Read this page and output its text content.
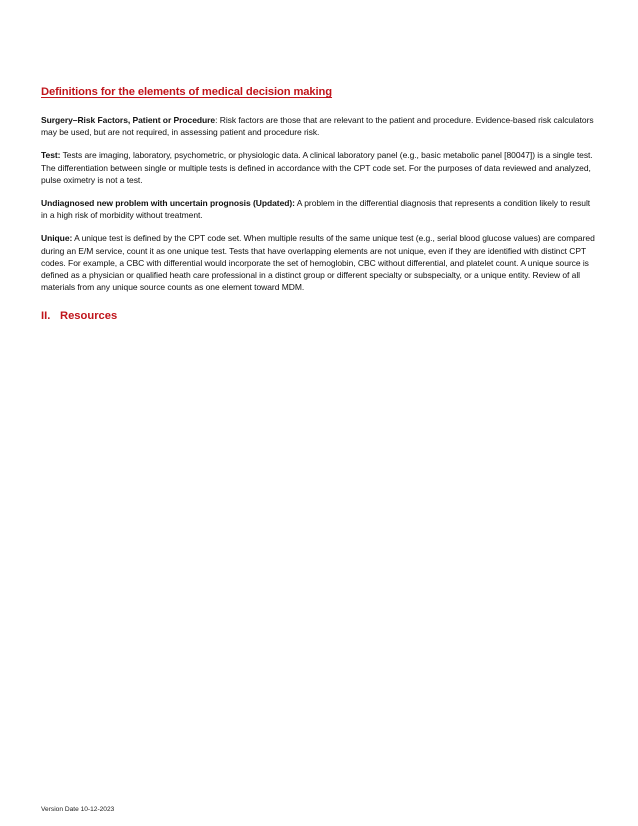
Definitions for the elements of medical decision making

Surgery–Risk Factors, Patient or Procedure: Risk factors are those that are relevant to the patient and procedure. Evidence-based risk calculators may be used, but are not required, in assessing patient and procedure risk.

Test: Tests are imaging, laboratory, psychometric, or physiologic data. A clinical laboratory panel (e.g., basic metabolic panel [80047]) is a single test. The differentiation between single or multiple tests is defined in accordance with the CPT code set. For the purposes of data reviewed and analyzed, pulse oximetry is not a test.

Undiagnosed new problem with uncertain prognosis (Updated): A problem in the differential diagnosis that represents a condition likely to result in a high risk of morbidity without treatment.

Unique: A unique test is defined by the CPT code set. When multiple results of the same unique test (e.g., serial blood glucose values) are compared during an E/M service, count it as one unique test. Tests that have overlapping elements are not unique, even if they are identified with distinct CPT codes. For example, a CBC with differential would incorporate the set of hemoglobin, CBC without differential, and platelet count. A unique source is defined as a physician or qualified heath care professional in a distinct group or different specialty or subspecialty, or a unique entity. Review of all materials from any unique source counts as one element toward MDM.

II. Resources
Version Date 10-12-2023
